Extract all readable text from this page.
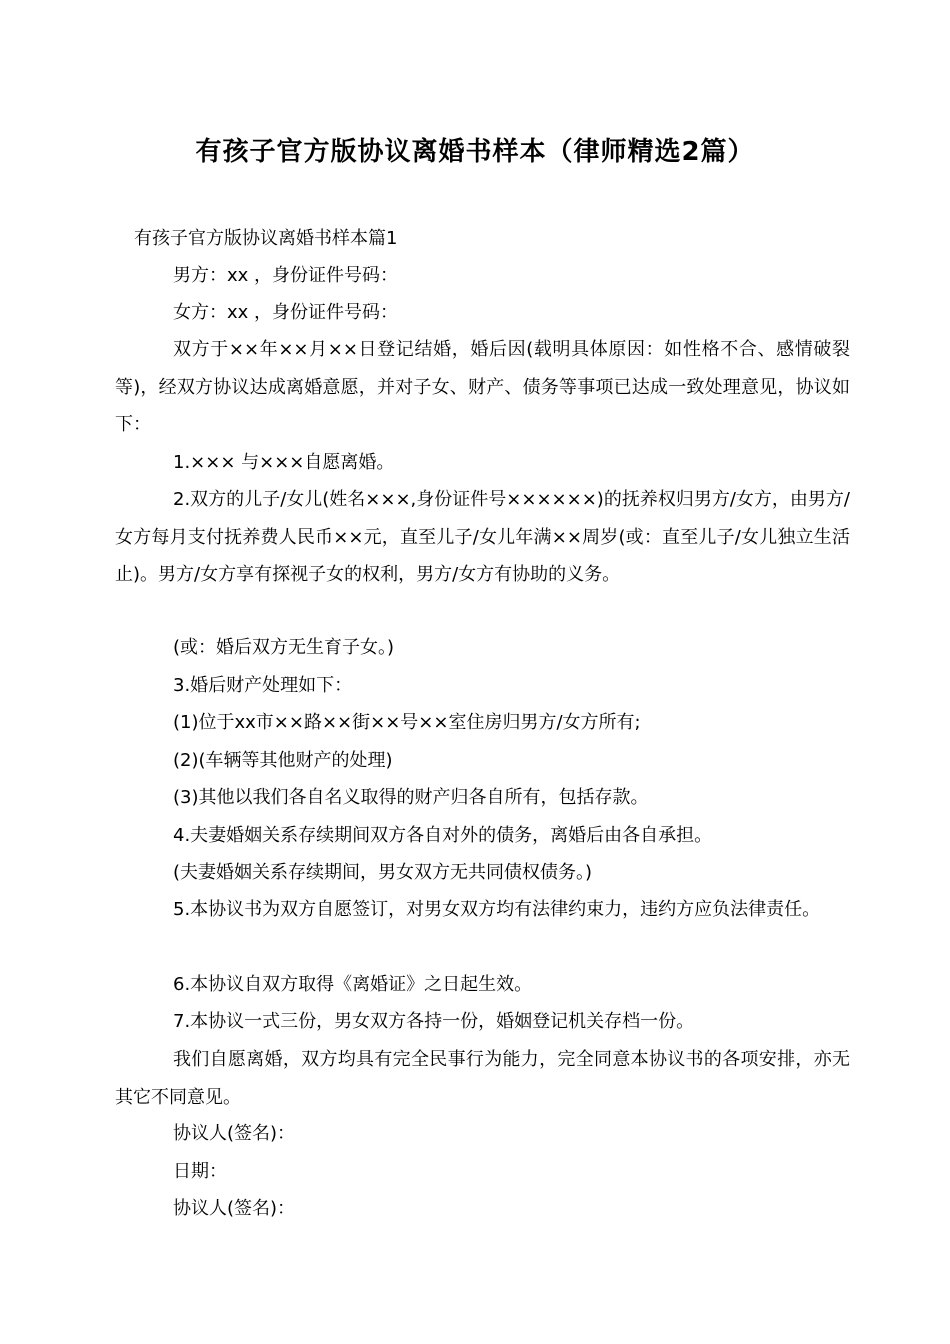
有孩子官方版协议离婚书样本（律师精选2篇）
有孩子官方版协议离婚书样本篇1
男方：xx ，身份证件号码：
女方：xx ，身份证件号码：
双方于××年××月××日登记结婚，婚后因(载明具体原因：如性格不合、感情破裂等)，经双方协议达成离婚意愿，并对子女、财产、债务等事项已达成一致处理意见，协议如下：
1.××× 与×××自愿离婚。
2.双方的儿子/女儿(姓名×××,身份证件号××××××)的抚养权归男方/女方，由男方/女方每月支付抚养费人民币××元，直至儿子/女儿年满××周岁(或：直至儿子/女儿独立生活止)。男方/女方享有探视子女的权利，男方/女方有协助的义务。
(或：婚后双方无生育子女。)
3.婚后财产处理如下：
(1)位于xx市××路××街××号××室住房归男方/女方所有;
(2)(车辆等其他财产的处理)
(3)其他以我们各自名义取得的财产归各自所有，包括存款。
4.夫妻婚姻关系存续期间双方各自对外的债务，离婚后由各自承担。
(夫妻婚姻关系存续期间，男女双方无共同债权债务。)
5.本协议书为双方自愿签订，对男女双方均有法律约束力，违约方应负法律责任。
6.本协议自双方取得《离婚证》之日起生效。
7.本协议一式三份，男女双方各持一份，婚姻登记机关存档一份。
我们自愿离婚，双方均具有完全民事行为能力，完全同意本协议书的各项安排，亦无其它不同意见。
协议人(签名)：
日期：
协议人(签名)：
